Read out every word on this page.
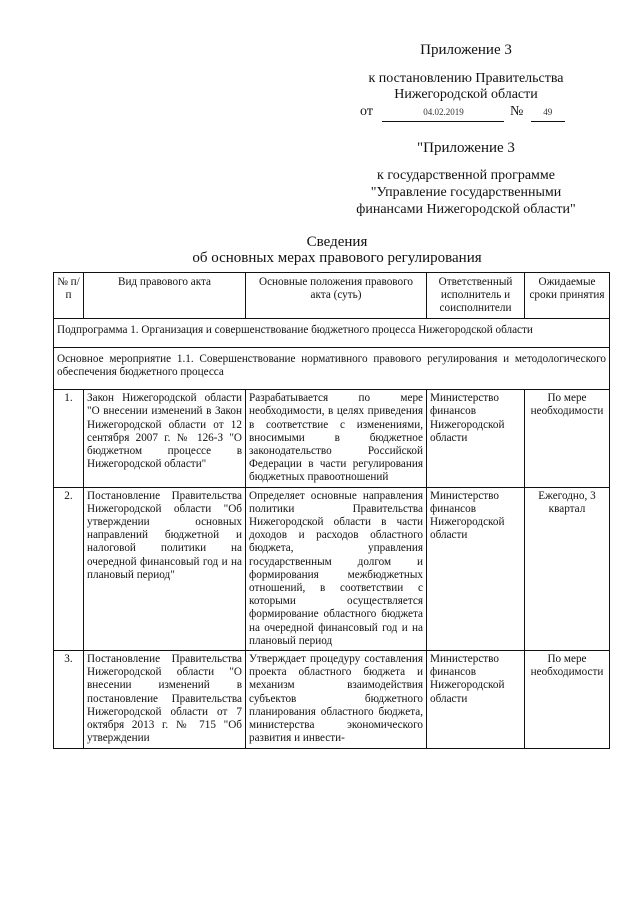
Приложение 3
к постановлению Правительства
Нижегородской области
от	04.02.2019	№ 49
"Приложение 3
к государственной программе
"Управление государственными
финансами Нижегородской области"
Сведения
об основных мерах правового регулирования
№ п/п	Вид правового акта	Основные положения правового акта (суть)	Ответственный исполнитель и соисполнители	Ожидаемые сроки принятия
Подпрограмма 1. Организация и совершенствование бюджетного процесса Нижегородской области				
Основное мероприятие 1.1. Совершенствование нормативного правового регулирования и методологического обеспечения бюджетного процесса				
1.	Закон Нижегородской области "О внесении изменений в Закон Нижегородской области от 12 сентября 2007 г. № 126-З "О бюджетном процессе в Нижегородской области"	Разрабатывается по мере необходимости, в целях приведения в соответствие с изменениями, вносимыми в бюджетное законодательство Российской Федерации в части регулирования бюджетных правоотношений	Министерство финансов Нижегородской области	По мере необходимости
2.	Постановление Правительства Нижегородской области "Об утверждении основных направлений бюджетной и налоговой политики на очередной финансовый год и на плановый период"	Определяет основные направления политики Правительства Нижегородской области в части доходов и расходов областного бюджета, управления государственным долгом и формирования межбюджетных отношений, в соответствии с которыми осуществляется формирование областного бюджета на очередной финансовый год и на плановый период	Министерство финансов Нижегородской области	Ежегодно, 3 квартал
3.	Постановление Правительства Нижегородской области "О внесении изменений в постановление Правительства Нижегородской области от 7 октября 2013 г. № 715 "Об утверждении	Утверждает процедуру составления проекта областного бюджета и механизм взаимодействия субъектов бюджетного планирования областного бюджета, министерства экономического развития и инвести-	Министерство финансов Нижегородской области	По мере необходимости
